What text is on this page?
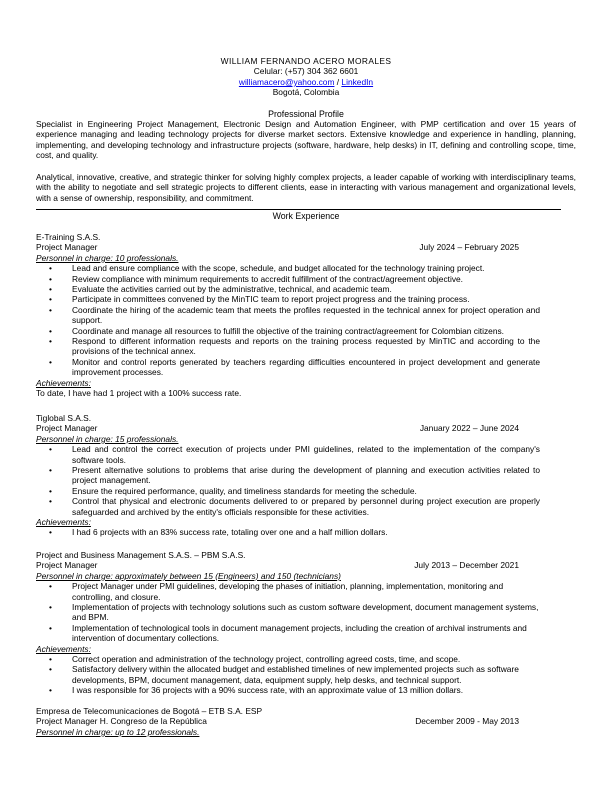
WILLIAM FERNANDO ACERO MORALES
Celular: (+57) 304 362 6601
williamacero@yahoo.com / LinkedIn
Bogotá, Colombia
Professional Profile
Specialist in Engineering Project Management, Electronic Design and Automation Engineer, with PMP certification and over 15 years of experience managing and leading technology projects for diverse market sectors. Extensive knowledge and experience in handling, planning, implementing, and developing technology and infrastructure projects (software, hardware, help desks) in IT, defining and controlling scope, time, cost, and quality.
Analytical, innovative, creative, and strategic thinker for solving highly complex projects, a leader capable of working with interdisciplinary teams, with the ability to negotiate and sell strategic projects to different clients, ease in interacting with various management and organizational levels, with a sense of ownership, responsibility, and commitment.
Work Experience
E-Training S.A.S.
Project Manager	July 2024 – February 2025
Personnel in charge: 10 professionals.
• Lead and ensure compliance with the scope, schedule, and budget allocated for the technology training project.
• Review compliance with minimum requirements to accredit fulfillment of the contract/agreement objective.
• Evaluate the activities carried out by the administrative, technical, and academic team.
• Participate in committees convened by the MinTIC team to report project progress and the training process.
• Coordinate the hiring of the academic team that meets the profiles requested in the technical annex for project operation and support.
• Coordinate and manage all resources to fulfill the objective of the training contract/agreement for Colombian citizens.
• Respond to different information requests and reports on the training process requested by MinTIC and according to the provisions of the technical annex.
• Monitor and control reports generated by teachers regarding difficulties encountered in project development and generate improvement processes.
Achievements:
To date, I have had 1 project with a 100% success rate.
Tiglobal S.A.S.
Project Manager	January 2022 – June 2024
Personnel in charge: 15 professionals.
• Lead and control the correct execution of projects under PMI guidelines, related to the implementation of the company's software tools.
• Present alternative solutions to problems that arise during the development of planning and execution activities related to project management.
• Ensure the required performance, quality, and timeliness standards for meeting the schedule.
• Control that physical and electronic documents delivered to or prepared by personnel during project execution are properly safeguarded and archived by the entity's officials responsible for these activities.
Achievements:
• I had 6 projects with an 83% success rate, totaling over one and a half million dollars.
Project and Business Management S.A.S. – PBM S.A.S.
Project Manager	July 2013 – December 2021
Personnel in charge: approximately between 15 (Engineers) and 150 (technicians)
• Project Manager under PMI guidelines, developing the phases of initiation, planning, implementation, monitoring and controlling, and closure.
• Implementation of projects with technology solutions such as custom software development, document management systems, and BPM.
• Implementation of technological tools in document management projects, including the creation of archival instruments and intervention of documentary collections.
Achievements:
• Correct operation and administration of the technology project, controlling agreed costs, time, and scope.
• Satisfactory delivery within the allocated budget and established timelines of new implemented projects such as software developments, BPM, document management, data, equipment supply, help desks, and technical support.
• I was responsible for 36 projects with a 90% success rate, with an approximate value of 13 million dollars.
Empresa de Telecomunicaciones de Bogotá – ETB S.A. ESP
Project Manager H. Congreso de la República	December 2009 - May 2013
Personnel in charge: up to 12 professionals.
